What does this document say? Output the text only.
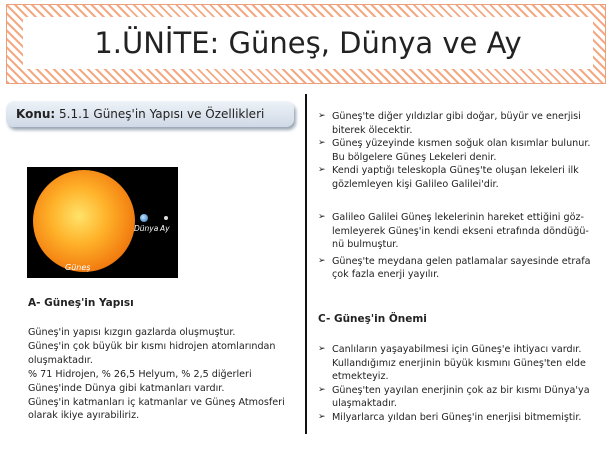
1.ÜNİTE: Güneş, Dünya ve Ay
Konu: 5.1.1 Güneş'in Yapısı ve Özellikleri
Güneş
Dünya Ay
A- Güneş'in Yapısı
Güneş'in yapısı kızgın gazlarda oluşmuştur.
Güneş'in çok büyük bir kısmı hidrojen atomlarından
oluşmaktadır.
% 71 Hidrojen, % 26,5 Helyum, % 2,5 diğerleri
Güneş'inde Dünya gibi katmanları vardır.
Güneş'in katmanları iç katmanlar ve Güneş Atmosferi
olarak ikiye ayırabiliriz.
➢ Güneş'te diğer yıldızlar gibi doğar, büyür ve enerjisi
biterek ölecektir.
➢ Güneş yüzeyinde kısmen soğuk olan kısımlar bulunur.
Bu bölgelere Güneş Lekeleri denir.
➢ Kendi yaptığı teleskopla Güneş'te oluşan lekeleri ilk
gözlemleyen kişi Galileo Galilei'dir.
➢ Galileo Galilei Güneş lekelerinin hareket ettiğini göz-
lemleyerek Güneş'in kendi ekseni etrafında döndüğü-
nü bulmuştur.
➢ Güneş'te meydana gelen patlamalar sayesinde etrafa
çok fazla enerji yayılır.
C- Güneş'in Önemi
➢ Canlıların yaşayabilmesi için Güneş'e ihtiyacı vardır.
Kullandığımız enerjinin büyük kısmını Güneş'ten elde
etmekteyiz.
➢ Güneş'ten yayılan enerjinin çok az bir kısmı Dünya'ya
ulaşmaktadır.
➢ Milyarlarca yıldan beri Güneş'in enerjisi bitmemiştir.
